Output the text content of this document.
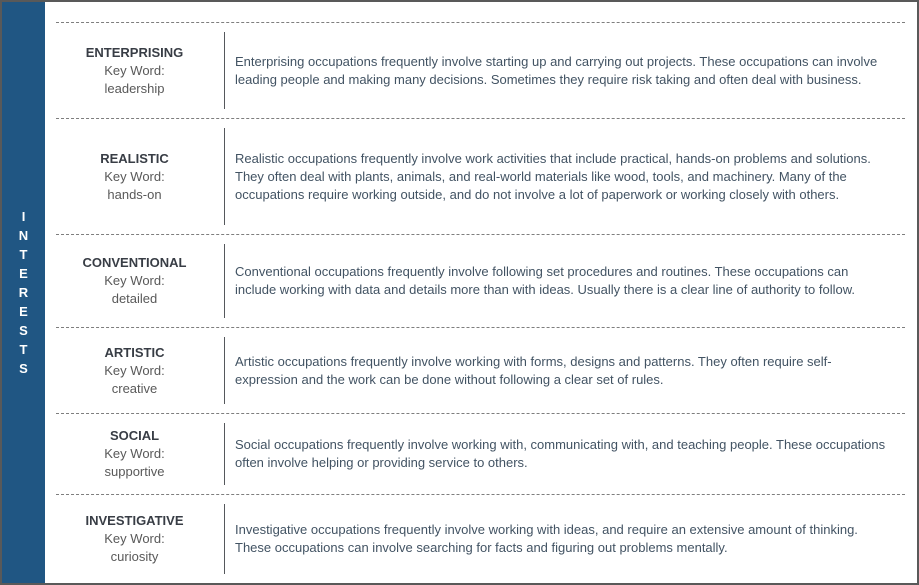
I
N
T
E
R
E
S
T
S
ENTERPRISING
Key Word:
leadership
Enterprising occupations frequently involve starting up and carrying out projects. These occupations can involve leading people and making many decisions. Sometimes they require risk taking and often deal with business.
REALISTIC
Key Word:
hands-on
Realistic occupations frequently involve work activities that include practical, hands-on problems and solutions. They often deal with plants, animals, and real-world materials like wood, tools, and machinery. Many of the occupations require working outside, and do not involve a lot of paperwork or working closely with others.
CONVENTIONAL
Key Word:
detailed
Conventional occupations frequently involve following set procedures and routines. These occupations can include working with data and details more than with ideas. Usually there is a clear line of authority to follow.
ARTISTIC
Key Word:
creative
Artistic occupations frequently involve working with forms, designs and patterns. They often require self-expression and the work can be done without following a clear set of rules.
SOCIAL
Key Word:
supportive
Social occupations frequently involve working with, communicating with, and teaching people. These occupations often involve helping or providing service to others.
INVESTIGATIVE
Key Word:
curiosity
Investigative occupations frequently involve working with ideas, and require an extensive amount of thinking. These occupations can involve searching for facts and figuring out problems mentally.
